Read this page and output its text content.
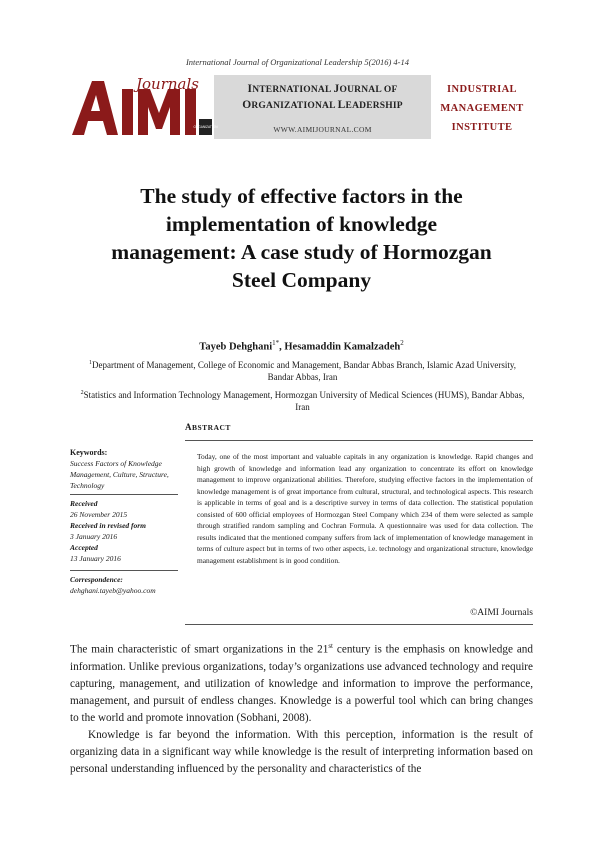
International Journal of Organizational Leadership 5(2016) 4-14
ORGANIZATION
Journals	INTERNATIONAL JOURNAL OF
ORGANIZATIONAL LEADERSHIP
WWW.AIMIJOURNAL.COM
INDUSTRIAL
MANAGEMENT
INSTITUTE
The study of effective factors in the
implementation of knowledge
management: A case study of Hormozgan
Steel Company
Tayeb Dehghani$^{1*}$, Hesamaddin Kamalzadeh$^2$
$^1$Department of Management, College of Economic and Management, Bandar Abbas Branch, Islamic Azad University, Bandar Abbas, Iran
$^2$Statistics and Information Technology Management, Hormozgan University of Medical Sciences (HUMS), Bandar Abbas, Iran
ABSTRACT
Keywords:
Success Factors of Knowledge Management, Culture, Structure, Technology
Received
26 November 2015
Received in revised form
3 January 2016
Accepted
13 January 2016
Correspondence:
dehghani.tayeb@yahoo.com
Today, one of the most important and valuable capitals in any organization is knowledge. Rapid changes and high growth of knowledge and information lead any organization to concentrate its effort on knowledge management to improve organizational abilities. Therefore, studying effective factors in the implementation of knowledge management is of great importance from cultural, structural, and technological aspects. This research is applicable in terms of goal and is a descriptive survey in terms of data collection. The statistical population consisted of 600 official employees of Hormozgan Steel Company which 234 of them were selected as sample through stratified random sampling and Cochran Formula. A questionnaire was used for data collection. The results indicated that the mentioned company suffers from lack of implementation of knowledge management in terms of culture aspect but in terms of two other aspects, i.e. technology and organizational structure, knowledge management establishment is in good condition.
©AIMI Journals

The main characteristic of smart organizations in the 21st century is the emphasis on knowledge and information. Unlike previous organizations, today’s organizations use advanced technology and require capturing, management, and utilization of knowledge and information to improve the performance, management, and pursuit of endless changes. Knowledge is a powerful tool which can bring changes to the world and promote innovation (Sobhani, 2008).

Knowledge is far beyond the information. With this perception, information is the result of organizing data in a significant way while knowledge is the result of interpreting information based on personal understanding influenced by the personality and characteristics of the
